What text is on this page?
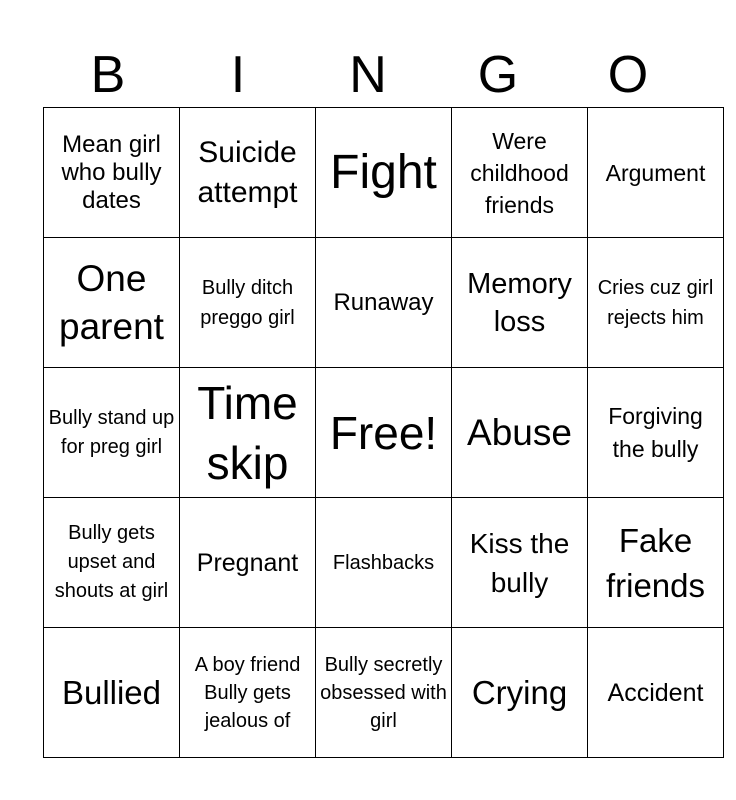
B	I	N	G	O
Mean girl who bully dates	Suicide attempt	Fight	Were childhood friends	Argument

One parent	Bully ditch preggo girl	Runaway	Memory loss	Cries cuz girl rejects him

Bully stand up for preg girl	Time skip	Free!	Abuse	Forgiving the bully

Bully gets upset and shouts at girl	Pregnant	Flashbacks	Kiss the bully	Fake friends

Bullied	A boy friend Bully gets jealous of	Bully secretly obsessed with girl	Crying	Accident
